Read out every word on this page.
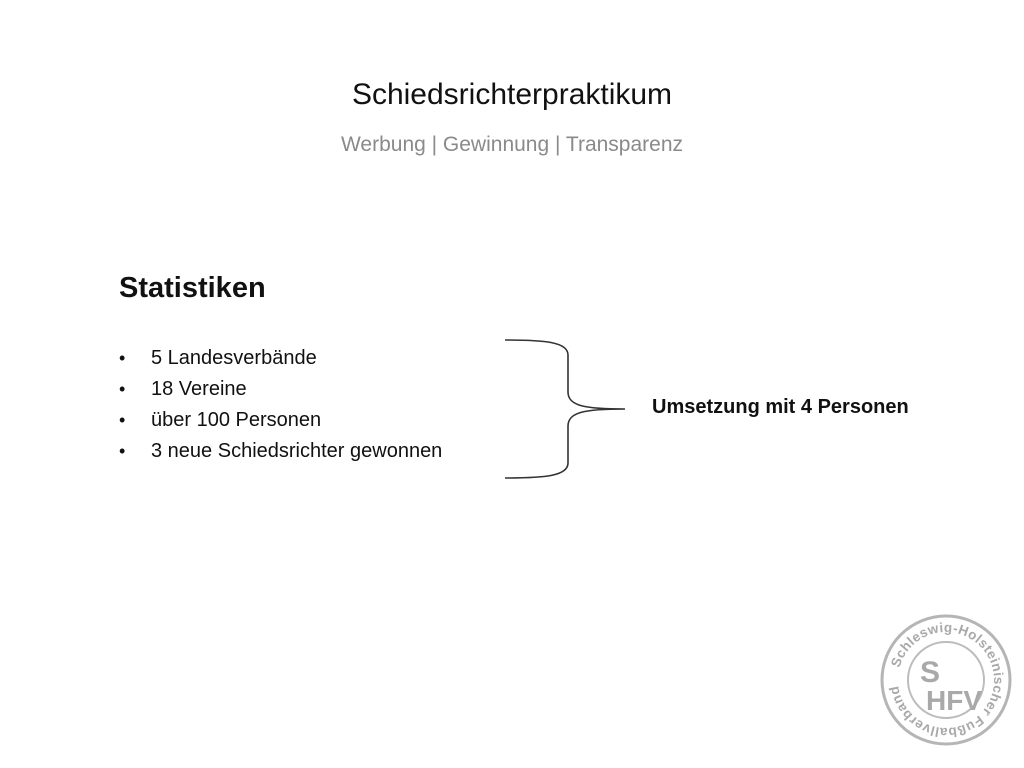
Schiedsrichterpraktikum
Werbung | Gewinnung | Transparenz
Statistiken
• 5 Landesverbände
• 18 Vereine
• über 100 Personen
• 3 neue Schiedsrichter gewonnen
Umsetzung mit 4 Personen
Schleswig-Holsteinischer Fußballverband
S
HFV
